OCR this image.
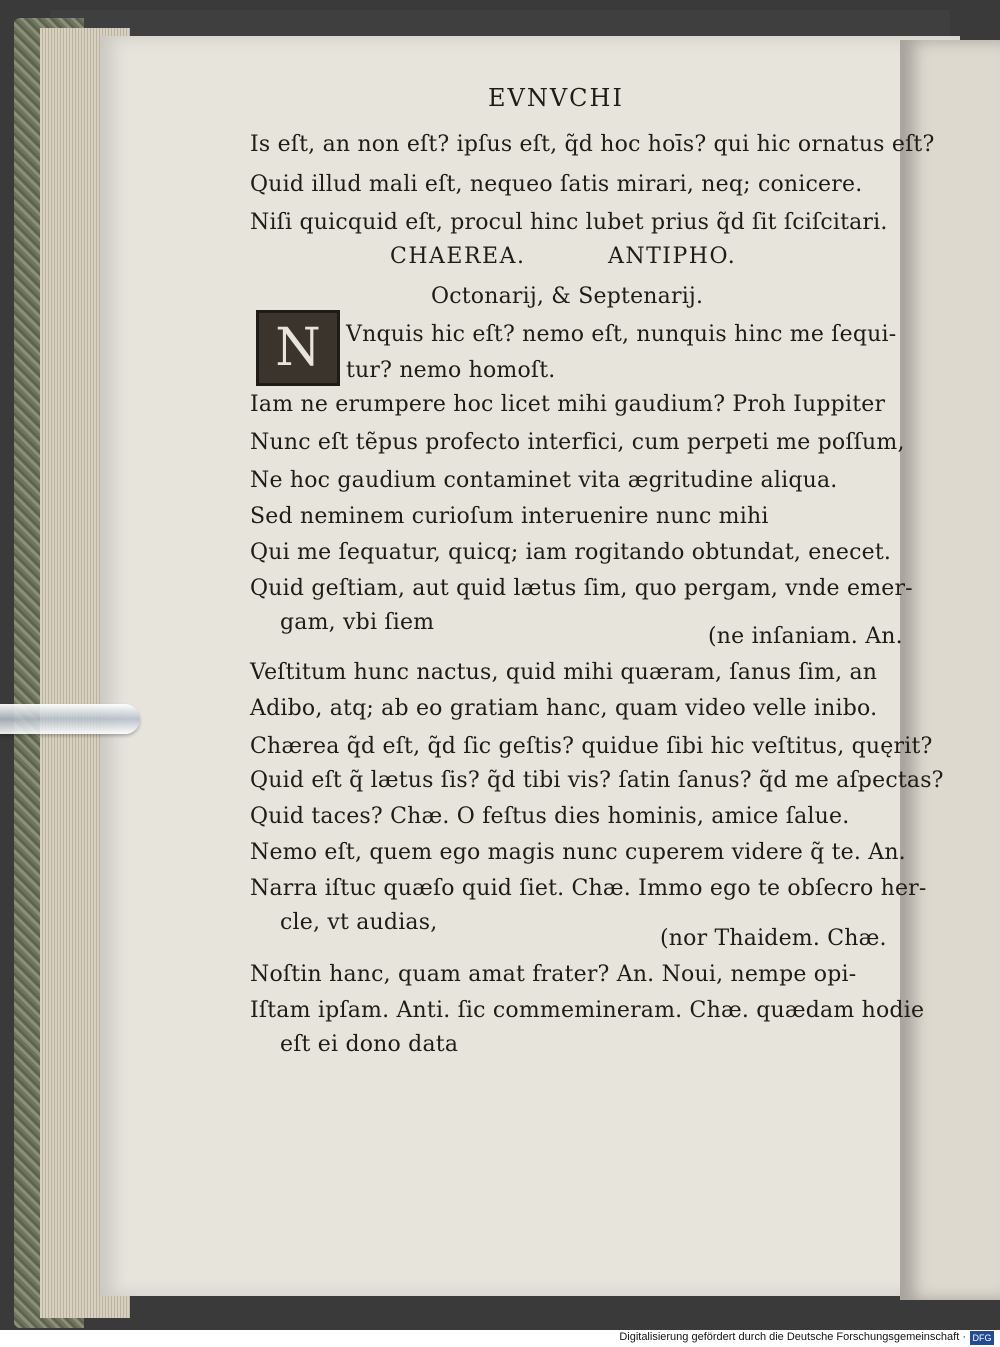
EVNVCHI
CHAEREA.	ANTIPHO.
Octonarij, & Septenarij.
N
Is eſt, an non eſt? ipſus eſt, q̃d hoc hoīs? qui hic ornatus eſt?
Quid illud mali eſt, nequeo ſatis mirari, neq; conicere.
Niſi quicquid eſt, procul hinc lubet prius q̃d ſit ſciſcitari.
Vnquis hic eſt? nemo eſt, nunquis hinc me ſequi-
tur? nemo homoſt.
Iam ne erumpere hoc licet mihi gaudium? Proh Iuppiter
Nunc eſt tẽpus profecto interfici, cum perpeti me poſſum,
Ne hoc gaudium contaminet vita ægritudine aliqua.
Sed neminem curioſum interuenire nunc mihi
Qui me ſequatur, quicq; iam rogitando obtundat, enecet.
Quid geſtiam, aut quid lætus ſim, quo pergam, vnde emer-
gam, vbi ſiem
(ne inſaniam. An.
Veſtitum hunc nactus, quid mihi quæram, ſanus ſim, an
Adibo, atq; ab eo gratiam hanc, quam video velle inibo.
Chærea q̃d eſt, q̃d ſic geſtis? quidue ſibi hic veſtitus, quęrit?
Quid eſt q̃ lætus ſis? q̃d tibi vis? ſatin ſanus? q̃d me aſpectas?
Quid taces? Chæ. O feſtus dies hominis, amice ſalue.
Nemo eſt, quem ego magis nunc cuperem videre q̃ te. An.
Narra iſtuc quæſo quid ſiet. Chæ. Immo ego te obſecro her-
cle, vt audias,
(nor Thaidem. Chæ.
Noſtin hanc, quam amat frater? An. Noui, nempe opi-
Iſtam ipſam. Anti. ſic commemineram. Chæ. quædam hodie
eſt ei dono data
Digitalisierung gefördert durch die Deutsche Forschungsgemeinschaft · DFG
